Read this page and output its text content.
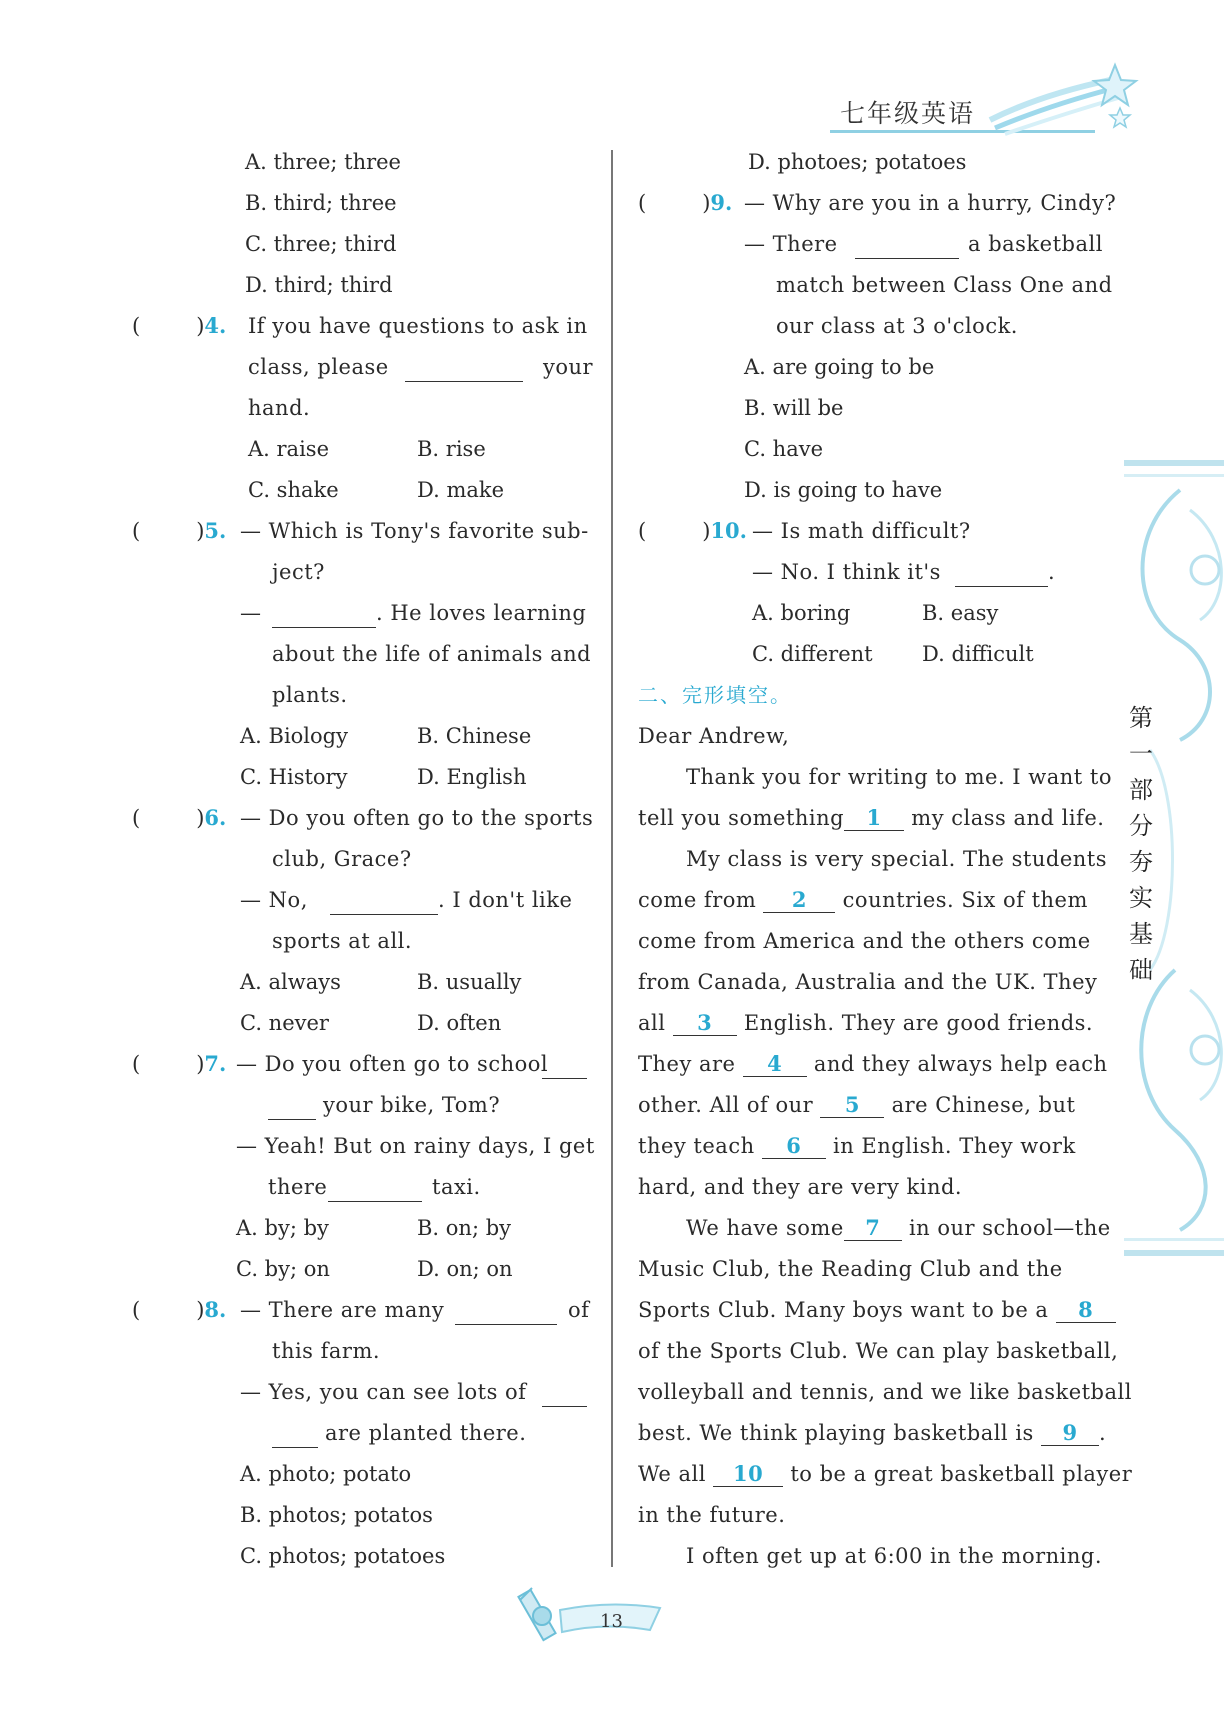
七年级英语
A. three; three
B. third; three
C. three; third
D. third; third
(	)4. If you have questions to ask in
class, please	your
hand.
A. raise	B. rise
C. shake	D. make
(	)5. — Which is Tony's favorite sub-
ject?
—	. He loves learning
about the life of animals and
plants.
A. Biology	B. Chinese
C. History	D. English
(	)6. — Do you often go to the sports
club, Grace?
— No,	. I don't like
sports at all.
A. always	B. usually
C. never	D. often
(	)7. — Do you often go to school
your bike, Tom?
— Yeah! But on rainy days, I get
there	taxi.
A. by; by	B. on; by
C. by; on	D. on; on
(	)8. — There are many	of
this farm.
— Yes, you can see lots of
are planted there.
A. photo; potato
B. photos; potatos
C. photos; potatoes
D. photoes; potatoes
(	)9. — Why are you in a hurry, Cindy?
— There	a basketball
match between Class One and
our class at 3 o'clock.
A. are going to be
B. will be
C. have
D. is going to have
(	)10. — Is math difficult?
— No. I think it's	.
A. boring	B. easy
C. different D. difficult
二、完形填空。
Dear Andrew,
Thank you for writing to me. I want to
tell you something 1 my class and life.
My class is very special. The students
come from 2 countries. Six of them
come from America and the others come
from Canada, Australia and the UK. They
all 3 English. They are good friends.
They are 4 and they always help each
other. All of our 5 are Chinese, but
they teach 6 in English. They work
hard, and they are very kind.
We have some 7 in our school—the
Music Club, the Reading Club and the
Sports Club. Many boys want to be a 8
of the Sports Club. We can play basketball,
volleyball and tennis, and we like basketball
best. We think playing basketball is 9 .
We all 10 to be a great basketball player
in the future.
I often get up at 6:00 in the morning.
第
一
部
分
夯
实
基
础
13
